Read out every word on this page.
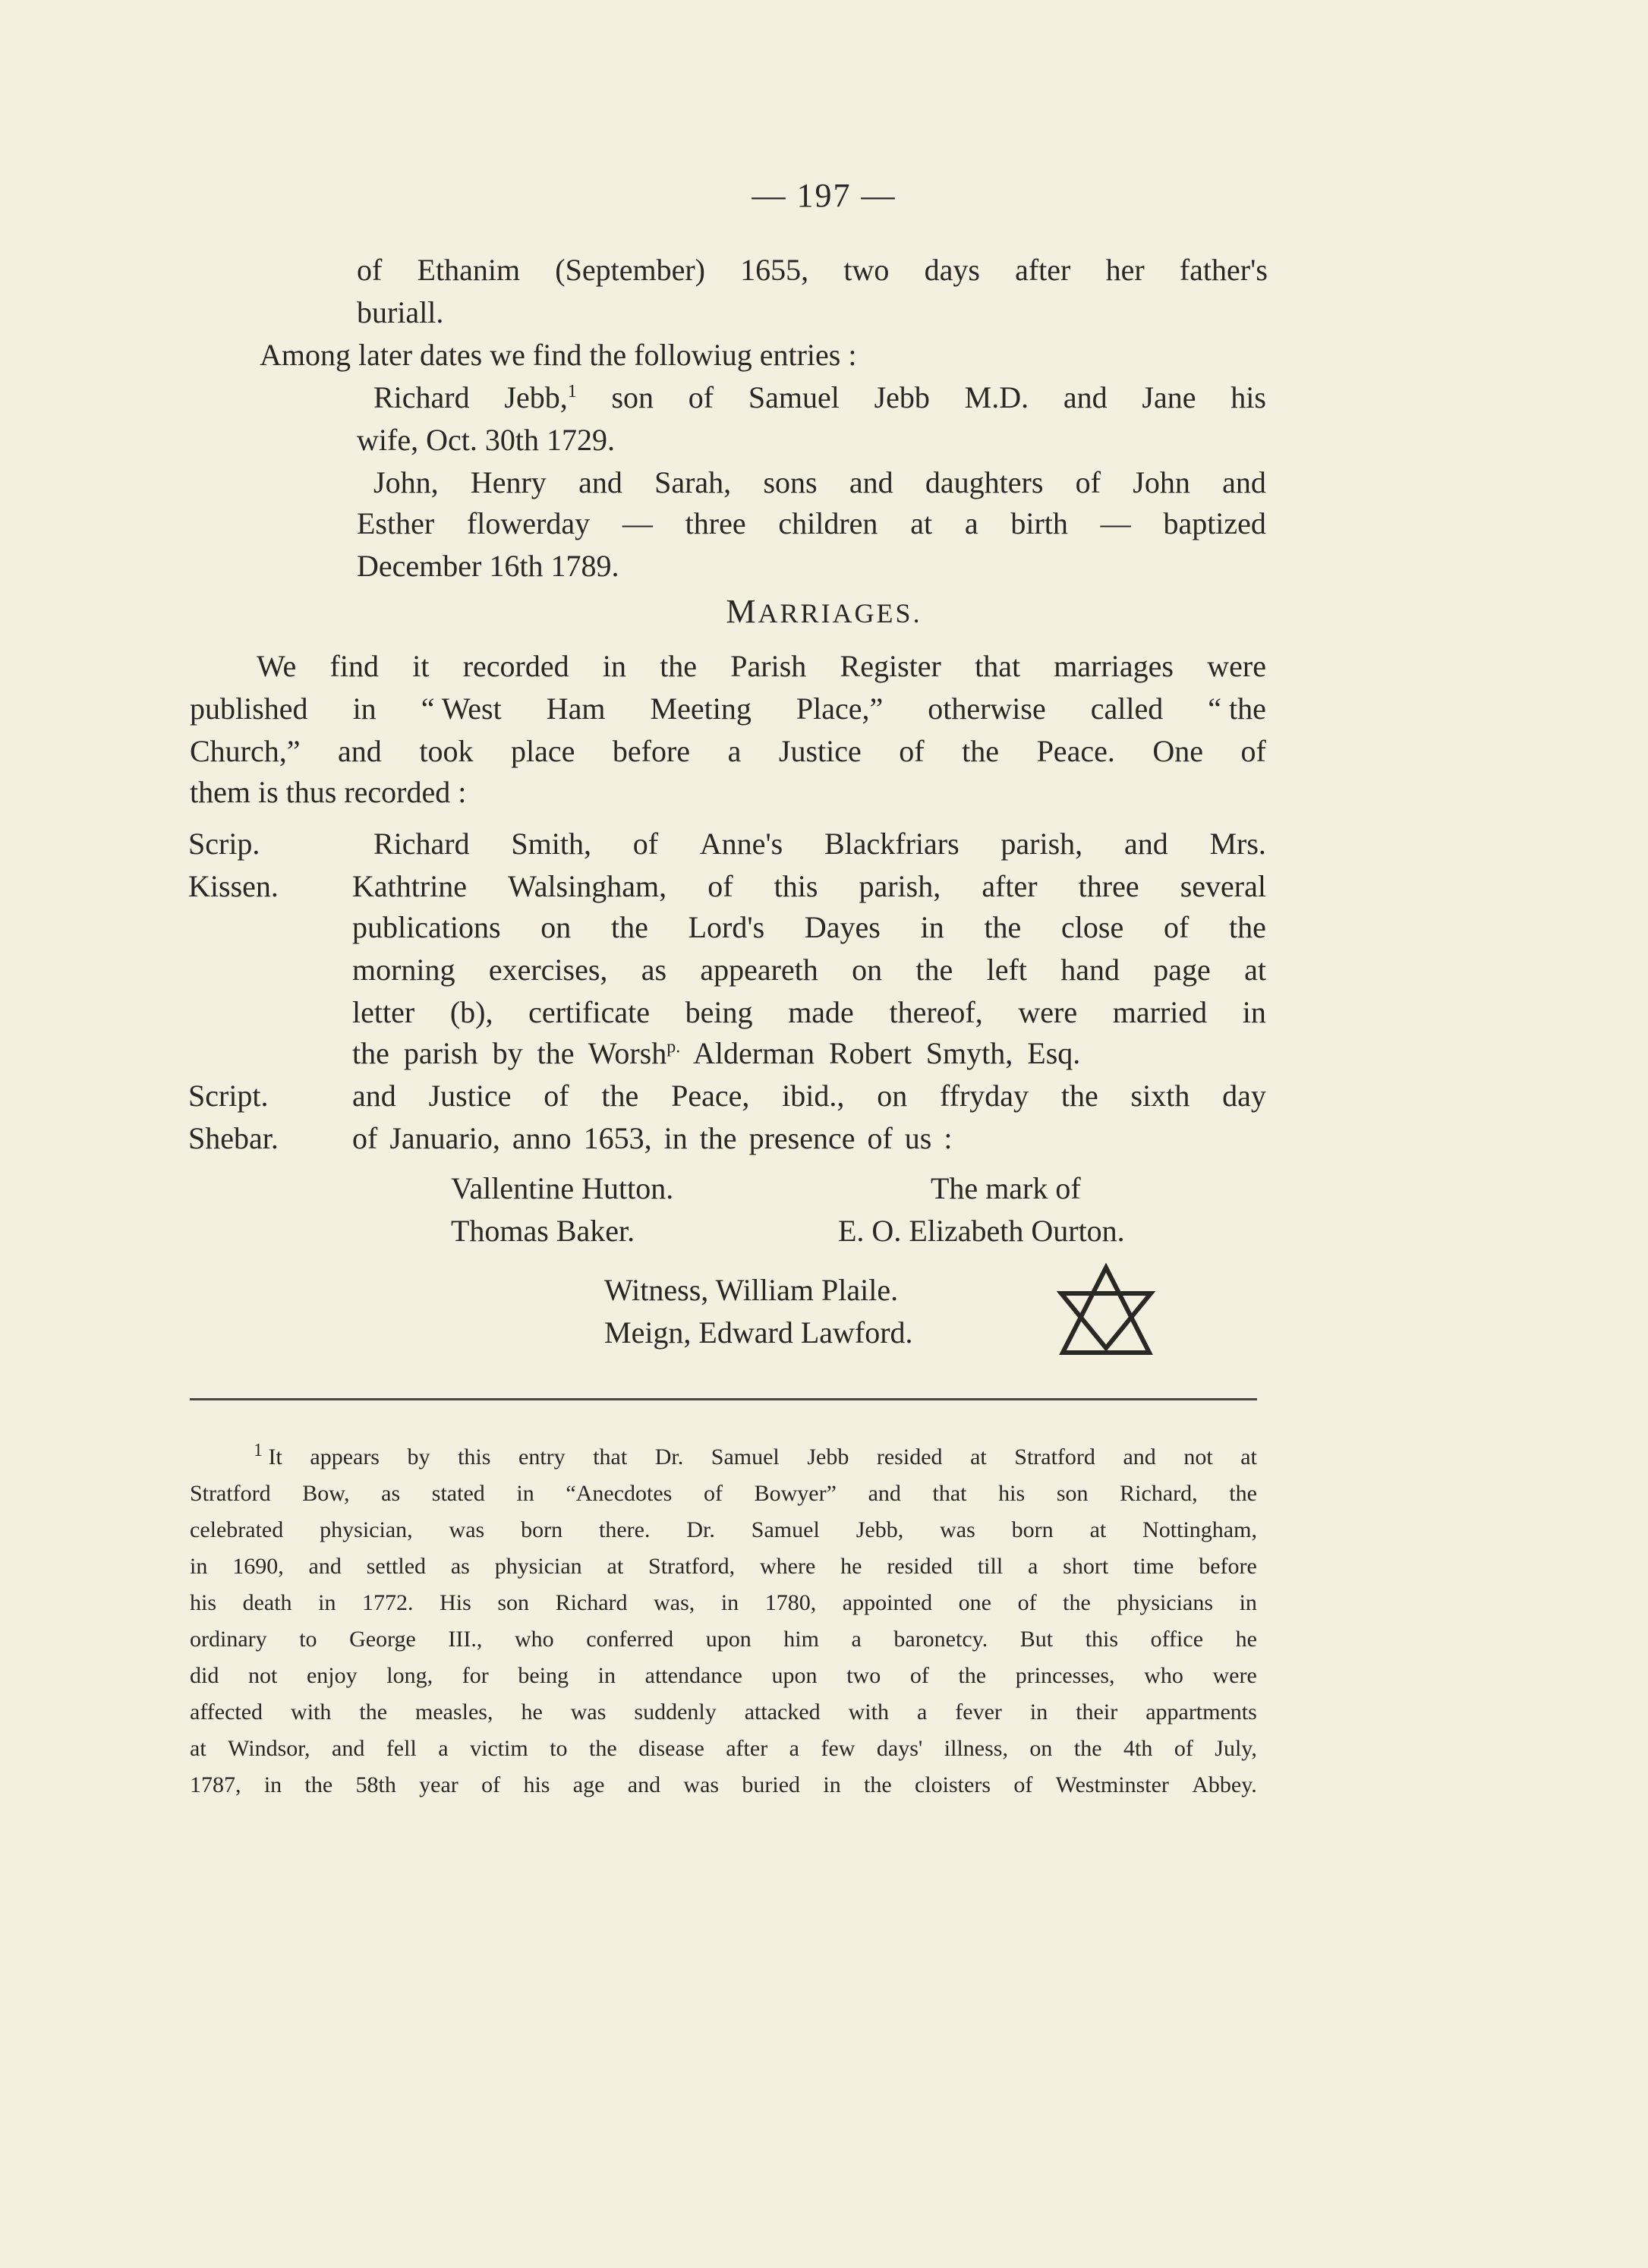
— 197 —
of Ethanim (September) 1655, two days after her father's
buriall.
Among later dates we find the followiug entries :
Richard Jebb,1 son of Samuel Jebb M.D. and Jane his
wife, Oct. 30th 1729.
John, Henry and Sarah, sons and daughters of John and
Esther flowerday — three children at a birth — baptized
December 16th 1789.
MARRIAGES.
We find it recorded in the Parish Register that marriages were
published in “ West Ham Meeting Place,” otherwise called “ the
Church,” and took place before a Justice of the Peace. One of
them is thus recorded :
Scrip.
Kissen.
Script.
Shebar.
Richard Smith, of Anne's Blackfriars parish, and Mrs.
Kathtrine Walsingham, of this parish, after three several
publications on the Lord's Dayes in the close of the
morning exercises, as appeareth on the left hand page at
letter (b), certificate being made thereof, were married in
the parish by the Worsh$^{p.}$ Alderman Robert Smyth, Esq.
and Justice of the Peace, ibid., on ffryday the sixth day
of Januario, anno 1653, in the presence of us :
Vallentine Hutton.
Thomas Baker.
The mark of
E. O. Elizabeth Ourton.
Witness, William Plaile.
Meign, Edward Lawford.
1 It appears by this entry that Dr. Samuel Jebb resided at Stratford and not at
Stratford Bow, as stated in “Anecdotes of Bowyer” and that his son Richard, the
celebrated physician, was born there. Dr. Samuel Jebb, was born at Nottingham,
in 1690, and settled as physician at Stratford, where he resided till a short time before
his death in 1772. His son Richard was, in 1780, appointed one of the physicians in
ordinary to George III., who conferred upon him a baronetcy. But this office he
did not enjoy long, for being in attendance upon two of the princesses, who were
affected with the measles, he was suddenly attacked with a fever in their appartments
at Windsor, and fell a victim to the disease after a few days' illness, on the 4th of July,
1787, in the 58th year of his age and was buried in the cloisters of Westminster Abbey.
